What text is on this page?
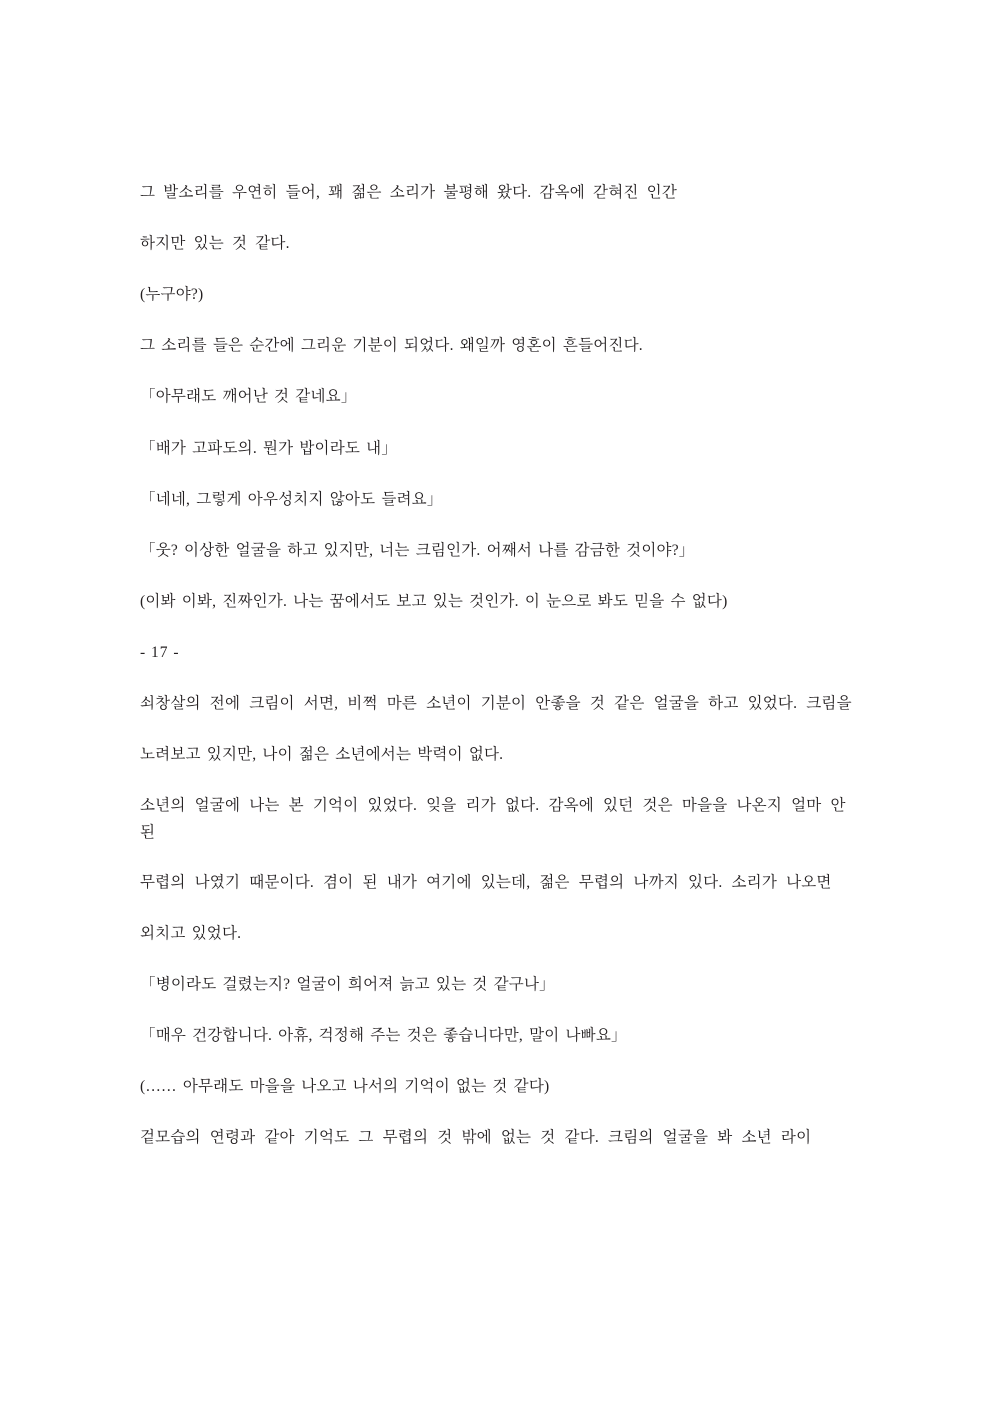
그 발소리를 우연히 들어, 꽤 젊은 소리가 불평해 왔다. 감옥에 갇혀진 인간

하지만 있는 것 같다.

(누구야?)

그 소리를 들은 순간에 그리운 기분이 되었다. 왜일까 영혼이 흔들어진다.

「아무래도 깨어난 것 같네요」

「배가 고파도의. 뭔가 밥이라도 내」

「네네, 그렇게 아우성치지 않아도 들려요」

「웃? 이상한 얼굴을 하고 있지만, 너는 크림인가. 어째서 나를 감금한 것이야?」

(이봐 이봐, 진짜인가. 나는 꿈에서도 보고 있는 것인가. 이 눈으로 봐도 믿을 수 없다)

- 17 -

쇠창살의 전에 크림이 서면, 비쩍 마른 소년이 기분이 안좋을 것 같은 얼굴을 하고 있었다. 크림을

노려보고 있지만, 나이 젊은 소년에서는 박력이 없다.

소년의 얼굴에 나는 본 기억이 있었다. 잊을 리가 없다. 감옥에 있던 것은 마을을 나온지 얼마 안된

무렵의 나였기 때문이다. 겸이 된 내가 여기에 있는데, 젊은 무렵의 나까지 있다. 소리가 나오면

외치고 있었다.

「병이라도 걸렸는지? 얼굴이 희어져 늙고 있는 것 같구나」

「매우 건강합니다. 아휴, 걱정해 주는 것은 좋습니다만, 말이 나빠요」

(…… 아무래도 마을을 나오고 나서의 기억이 없는 것 같다)

겉모습의 연령과 같아 기억도 그 무렵의 것 밖에 없는 것 같다. 크림의 얼굴을 봐 소년 라이
